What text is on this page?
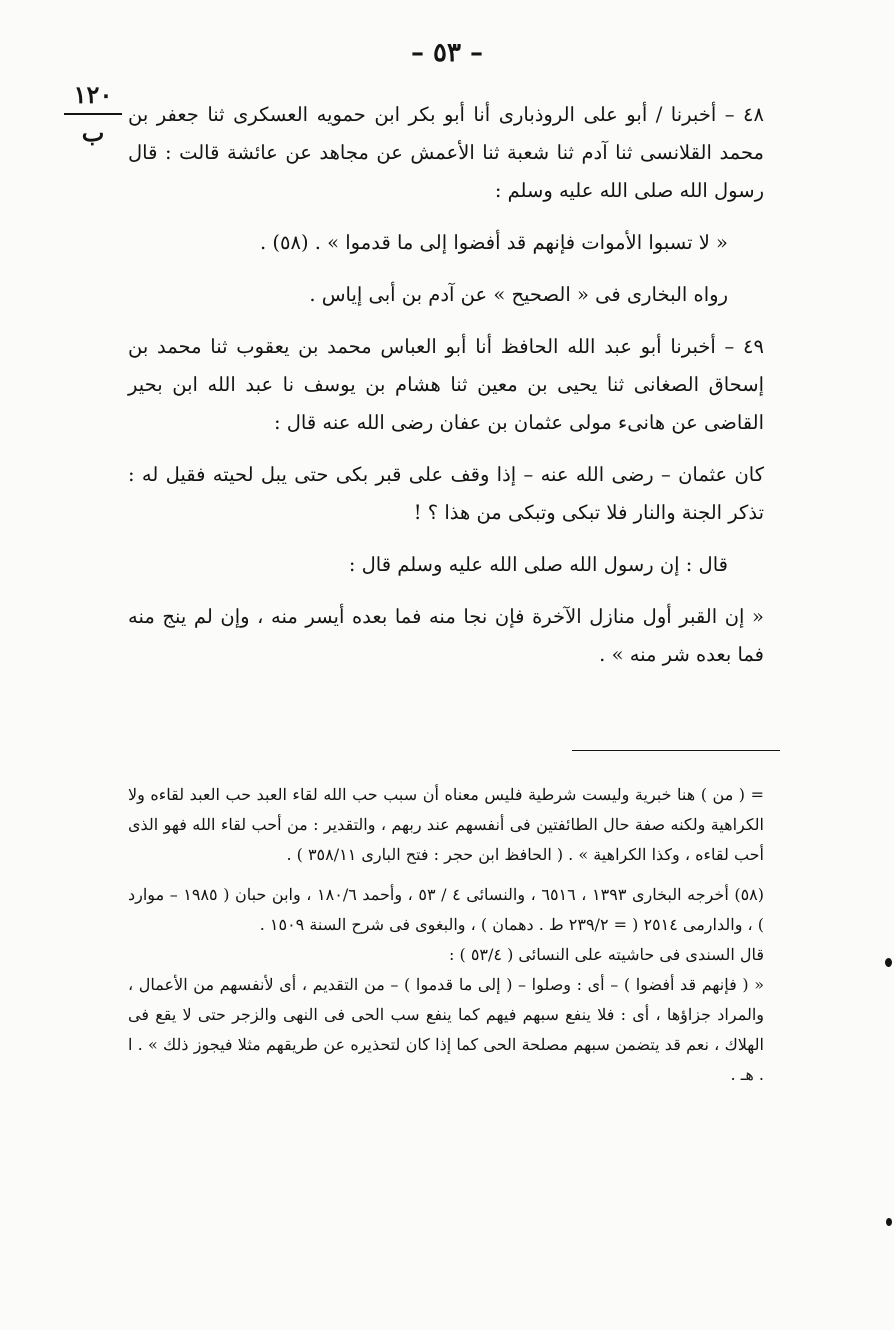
– ٥٣ –
١٢٠
ب

٤٨ – أخبرنا / أبو على الروذبارى أنا أبو بكر ابن حمويه العسكرى ثنا جعفر بن محمد القلانسى ثنا آدم ثنا شعبة ثنا الأعمش عن مجاهد عن عائشة قالت : قال رسول الله صلى الله عليه وسلم :

« لا تسبوا الأموات فإنهم قد أفضوا إلى ما قدموا » . (٥٨) .

رواه البخارى فى « الصحيح » عن آدم بن أبى إياس .

٤٩ – أخبرنا أبو عبد الله الحافظ أنا أبو العباس محمد بن يعقوب ثنا محمد بن إسحاق الصغانى ثنا يحيى بن معين ثنا هشام بن يوسف نا عبد الله ابن بحير القاضى عن هانىء مولى عثمان بن عفان رضى الله عنه قال :

كان عثمان – رضى الله عنه – إذا وقف على قبر بكى حتى يبل لحيته فقيل له : تذكر الجنة والنار فلا تبكى وتبكى من هذا ؟ !

قال : إن رسول الله صلى الله عليه وسلم قال :

« إن القبر أول منازل الآخرة فإن نجا منه فما بعده أيسر منه ، وإن لم ينج منه فما بعده شر منه » .

= ( من ) هنا خبرية وليست شرطية فليس معناه أن سبب حب الله لقاء العبد حب العبد لقاءه ولا الكراهية ولكنه صفة حال الطائفتين فى أنفسهم عند ربهم ، والتقدير : من أحب لقاء الله فهو الذى أحب لقاءه ، وكذا الكراهية » . ( الحافظ ابن حجر : فتح البارى ٣٥٨/١١ ) .

(٥٨) أخرجه البخارى ١٣٩٣ ، ٦٥١٦ ، والنسائى ٤ / ٥٣ ، وأحمد ١٨٠/٦ ، وابن حبان ( ١٩٨٥ – موارد ) ، والدارمى ٢٥١٤ ( = ٢٣٩/٢ ط . دهمان ) ، والبغوى فى شرح السنة ١٥٠٩ .

قال السندى فى حاشيته على النسائى ( ٥٣/٤ ) :

« ( فإنهم قد أفضوا ) – أى : وصلوا – ( إلى ما قدموا ) – من التقديم ، أى لأنفسهم من الأعمال ، والمراد جزاؤها ، أى : فلا ينفع سبهم فيهم كما ينفع سب الحى فى النهى والزجر حتى لا يقع فى الهلاك ، نعم قد يتضمن سبهم مصلحة الحى كما إذا كان لتحذيره عن طريقهم مثلا فيجوز ذلك » . ا . هـ .
